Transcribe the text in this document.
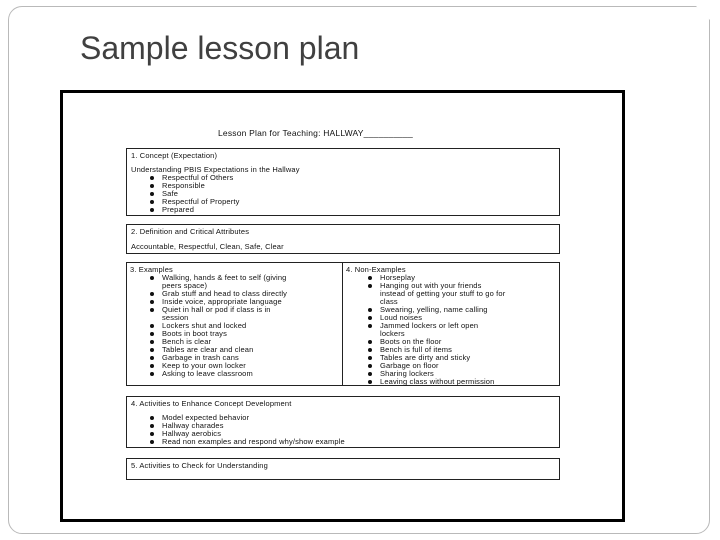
Sample lesson plan
Lesson Plan for Teaching: HALLWAY__________
1. Concept (Expectation)
Understanding PBIS Expectations in the Hallway
Respectful of Others
Responsible
Safe
Respectful of Property
Prepared
2. Definition and Critical Attributes
Accountable, Respectful, Clean, Safe, Clear
3. Examples
Walking, hands & feet to self (giving
peers space)
Grab stuff and head to class directly
Inside voice, appropriate language
Quiet in hall or pod if class is in
session
Lockers shut and locked
Boots in boot trays
Bench is clear
Tables are clear and clean
Garbage in trash cans
Keep to your own locker
Asking to leave classroom
4. Non-Examples
Horseplay
Hanging out with your friends
instead of getting your stuff to go for
class
Swearing, yelling, name calling
Loud noises
Jammed lockers or left open
lockers
Boots on the floor
Bench is full of items
Tables are dirty and sticky
Garbage on floor
Sharing lockers
Leaving class without permission
4. Activities to Enhance Concept Development
Model expected behavior
Hallway charades
Hallway aerobics
Read non examples and respond why/show example
5. Activities to Check for Understanding
